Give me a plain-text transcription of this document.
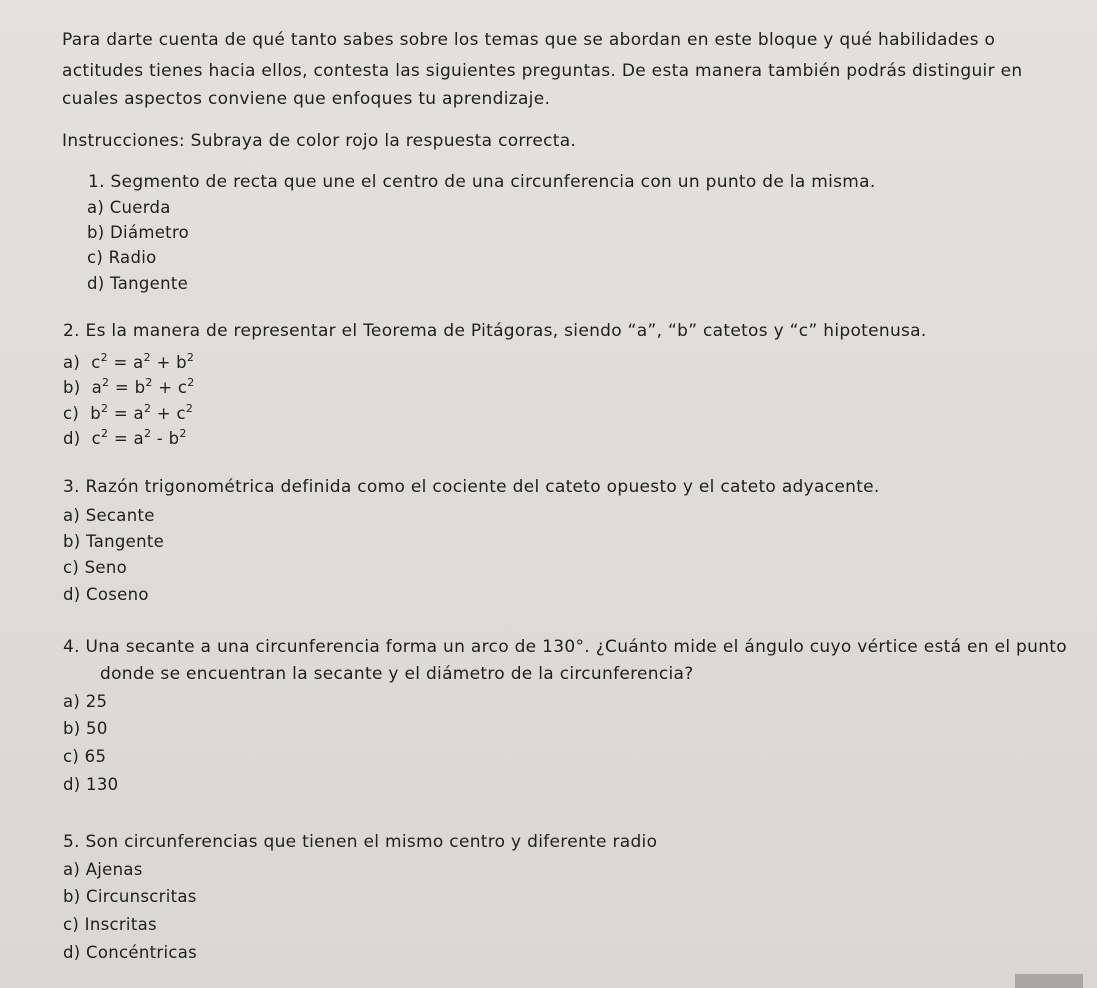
Para darte cuenta de qué tanto sabes sobre los temas que se abordan en este bloque y qué habilidades o
actitudes tienes hacia ellos, contesta las siguientes preguntas. De esta manera también podrás distinguir en
cuales aspectos conviene que enfoques tu aprendizaje.
Instrucciones: Subraya de color rojo la respuesta correcta.
1. Segmento de recta que une el centro de una circunferencia con un punto de la misma.
a) Cuerda
b) Diámetro
c) Radio
d) Tangente
2. Es la manera de representar el Teorema de Pitágoras, siendo “a”, “b” catetos y “c” hipotenusa.
a) $c^2 = a^2 + b^2$
b) $a^2 = b^2 + c^2$
c) $b^2 = a^2 + c^2$
d) $c^2 = a^2 - b^2$
3. Razón trigonométrica definida como el cociente del cateto opuesto y el cateto adyacente.
a) Secante
b) Tangente
c) Seno
d) Coseno
4. Una secante a una circunferencia forma un arco de 130°. ¿Cuánto mide el ángulo cuyo vértice está en el punto
donde se encuentran la secante y el diámetro de la circunferencia?
a) 25
b) 50
c) 65
d) 130
5. Son circunferencias que tienen el mismo centro y diferente radio
a) Ajenas
b) Circunscritas
c) Inscritas
d) Concéntricas
